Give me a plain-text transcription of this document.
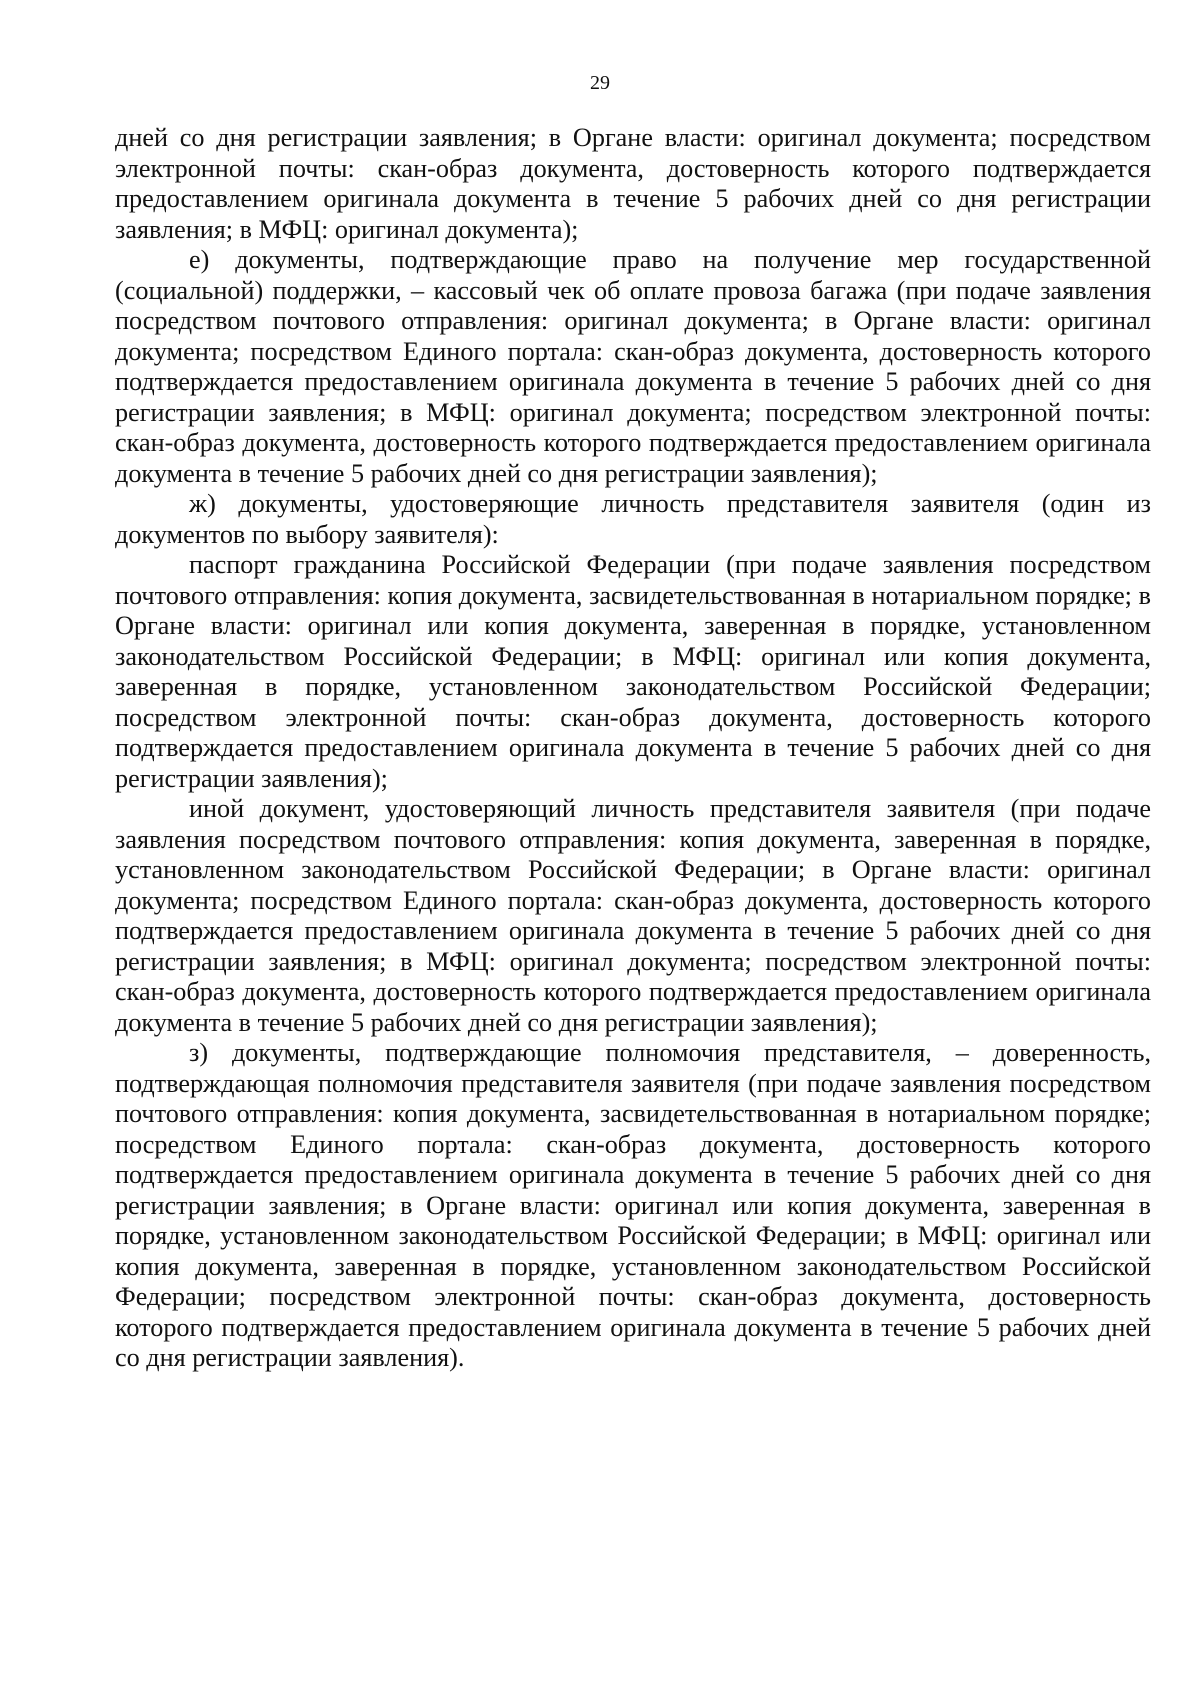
29

дней со дня регистрации заявления; в Органе власти: оригинал документа; посредством электронной почты: скан-образ документа, достоверность которого подтверждается предоставлением оригинала документа в течение 5 рабочих дней со дня регистрации заявления; в МФЦ: оригинал документа);

е) документы, подтверждающие право на получение мер государственной (социальной) поддержки, – кассовый чек об оплате провоза багажа (при подаче заявления посредством почтового отправления: оригинал документа; в Органе власти: оригинал документа; посредством Единого портала: скан-образ документа, достоверность которого подтверждается предоставлением оригинала документа в течение 5 рабочих дней со дня регистрации заявления; в МФЦ: оригинал документа; посредством электронной почты: скан-образ документа, достоверность которого подтверждается предоставлением оригинала документа в течение 5 рабочих дней со дня регистрации заявления);

ж) документы, удостоверяющие личность представителя заявителя (один из документов по выбору заявителя):

паспорт гражданина Российской Федерации (при подаче заявления посредством почтового отправления: копия документа, засвидетельствованная в нотариальном порядке; в Органе власти: оригинал или копия документа, заверенная в порядке, установленном законодательством Российской Федерации; в МФЦ: оригинал или копия документа, заверенная в порядке, установленном законодательством Российской Федерации; посредством электронной почты: скан-образ документа, достоверность которого подтверждается предоставлением оригинала документа в течение 5 рабочих дней со дня регистрации заявления);

иной документ, удостоверяющий личность представителя заявителя (при подаче заявления посредством почтового отправления: копия документа, заверенная в порядке, установленном законодательством Российской Федерации; в Органе власти: оригинал документа; посредством Единого портала: скан-образ документа, достоверность которого подтверждается предоставлением оригинала документа в течение 5 рабочих дней со дня регистрации заявления; в МФЦ: оригинал документа; посредством электронной почты: скан-образ документа, достоверность которого подтверждается предоставлением оригинала документа в течение 5 рабочих дней со дня регистрации заявления);

з) документы, подтверждающие полномочия представителя, – доверенность, подтверждающая полномочия представителя заявителя (при подаче заявления посредством почтового отправления: копия документа, засвидетельствованная в нотариальном порядке; посредством Единого портала: скан-образ документа, достоверность которого подтверждается предоставлением оригинала документа в течение 5 рабочих дней со дня регистрации заявления; в Органе власти: оригинал или копия документа, заверенная в порядке, установленном законодательством Российской Федерации; в МФЦ: оригинал или копия документа, заверенная в порядке, установленном законодательством Российской Федерации; посредством электронной почты: скан-образ документа, достоверность которого подтверждается предоставлением оригинала документа в течение 5 рабочих дней со дня регистрации заявления).
